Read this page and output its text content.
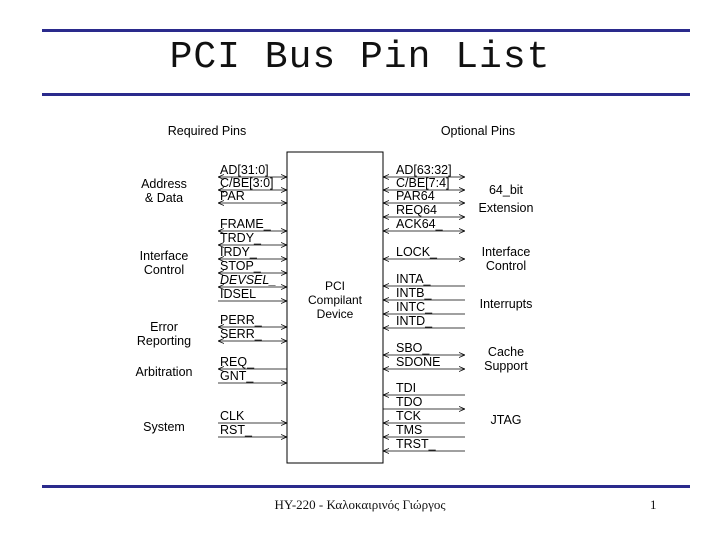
PCI Bus Pin List
Required Pins	Optional Pins
PCI
Compilant
Device
Address
& Data
Interface
Control
Error
Reporting
Arbitration
System
64_bit
Extension
Interface
Control
Interrupts
Cache
Support
JTAG
AD[31:0]
C/BE[3:0]
PAR
FRAME_
TRDY_
IRDY_
STOP_
DEVSEL_
IDSEL
PERR_
SERR_
REQ_
GNT_
CLK
RST_
AD[63:32]
C/BE[7:4]
PAR64
REQ64
ACK64_
LOCK_
INTA_
INTB_
INTC_
INTD_
SBO_
SDONE
TDI
TDO
TCK
TMS
TRST_
HY-220 - Καλοκαιρινός Γιώργος	1
